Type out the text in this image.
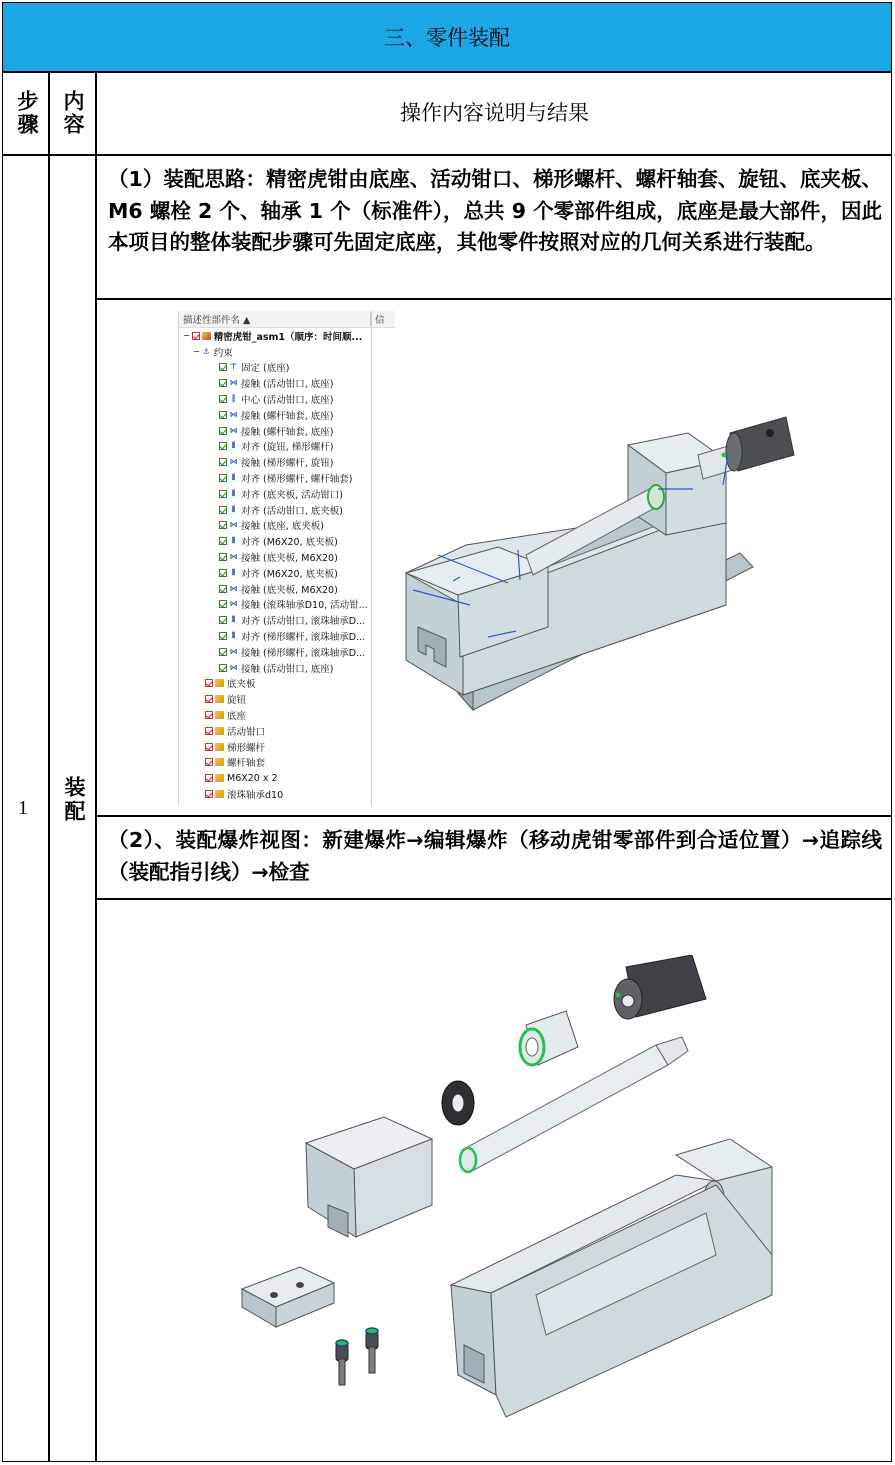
三、零件装配
步骤 内容	操作内容说明与结果
1 装配
（1）装配思路：精密虎钳由底座、活动钳口、梯形螺杆、螺杆轴套、旋钮、底夹板、M6 螺栓 2 个、轴承 1 个（标准件），总共 9 个零部件组成，底座是最大部件，因此本项目的整体装配步骤可先固定底座，其他零件按照对应的几何关系进行装配。
（2）、装配爆炸视图：新建爆炸→编辑爆炸（移动虎钳零部件到合适位置）→追踪线（装配指引线）→检查
描述性部件名 ▲	信
−	精密虎钳_asm1（顺序：时间顺...
− ⚓ 约束
⊤ 固定 (底座)
⋈ 接触 (活动钳口, 底座)
⫿ 中心 (活动钳口, 底座)
⋈ 接触 (螺杆轴套, 底座)
⋈ 接触 (螺杆轴套, 底座)
⦀ 对齐 (旋钮, 梯形螺杆)
⋈ 接触 (梯形螺杆, 旋钮)
⦀ 对齐 (梯形螺杆, 螺杆轴套)
⦀ 对齐 (底夹板, 活动钳口)
⦀ 对齐 (活动钳口, 底夹板)
⋈ 接触 (底座, 底夹板)
⦀ 对齐 (M6X20, 底夹板)
⋈ 接触 (底夹板, M6X20)
⦀ 对齐 (M6X20, 底夹板)
⋈ 接触 (底夹板, M6X20)
⋈ 接触 (滚珠轴承D10, 活动钳...
⦀ 对齐 (活动钳口, 滚珠轴承D...
⦀ 对齐 (梯形螺杆, 滚珠轴承D...
⋈ 接触 (梯形螺杆, 滚珠轴承D...
⋈ 接触 (活动钳口, 底座)
底夹板
旋钮
底座
活动钳口
梯形螺杆
螺杆轴套
M6X20 x 2
滚珠轴承d10
